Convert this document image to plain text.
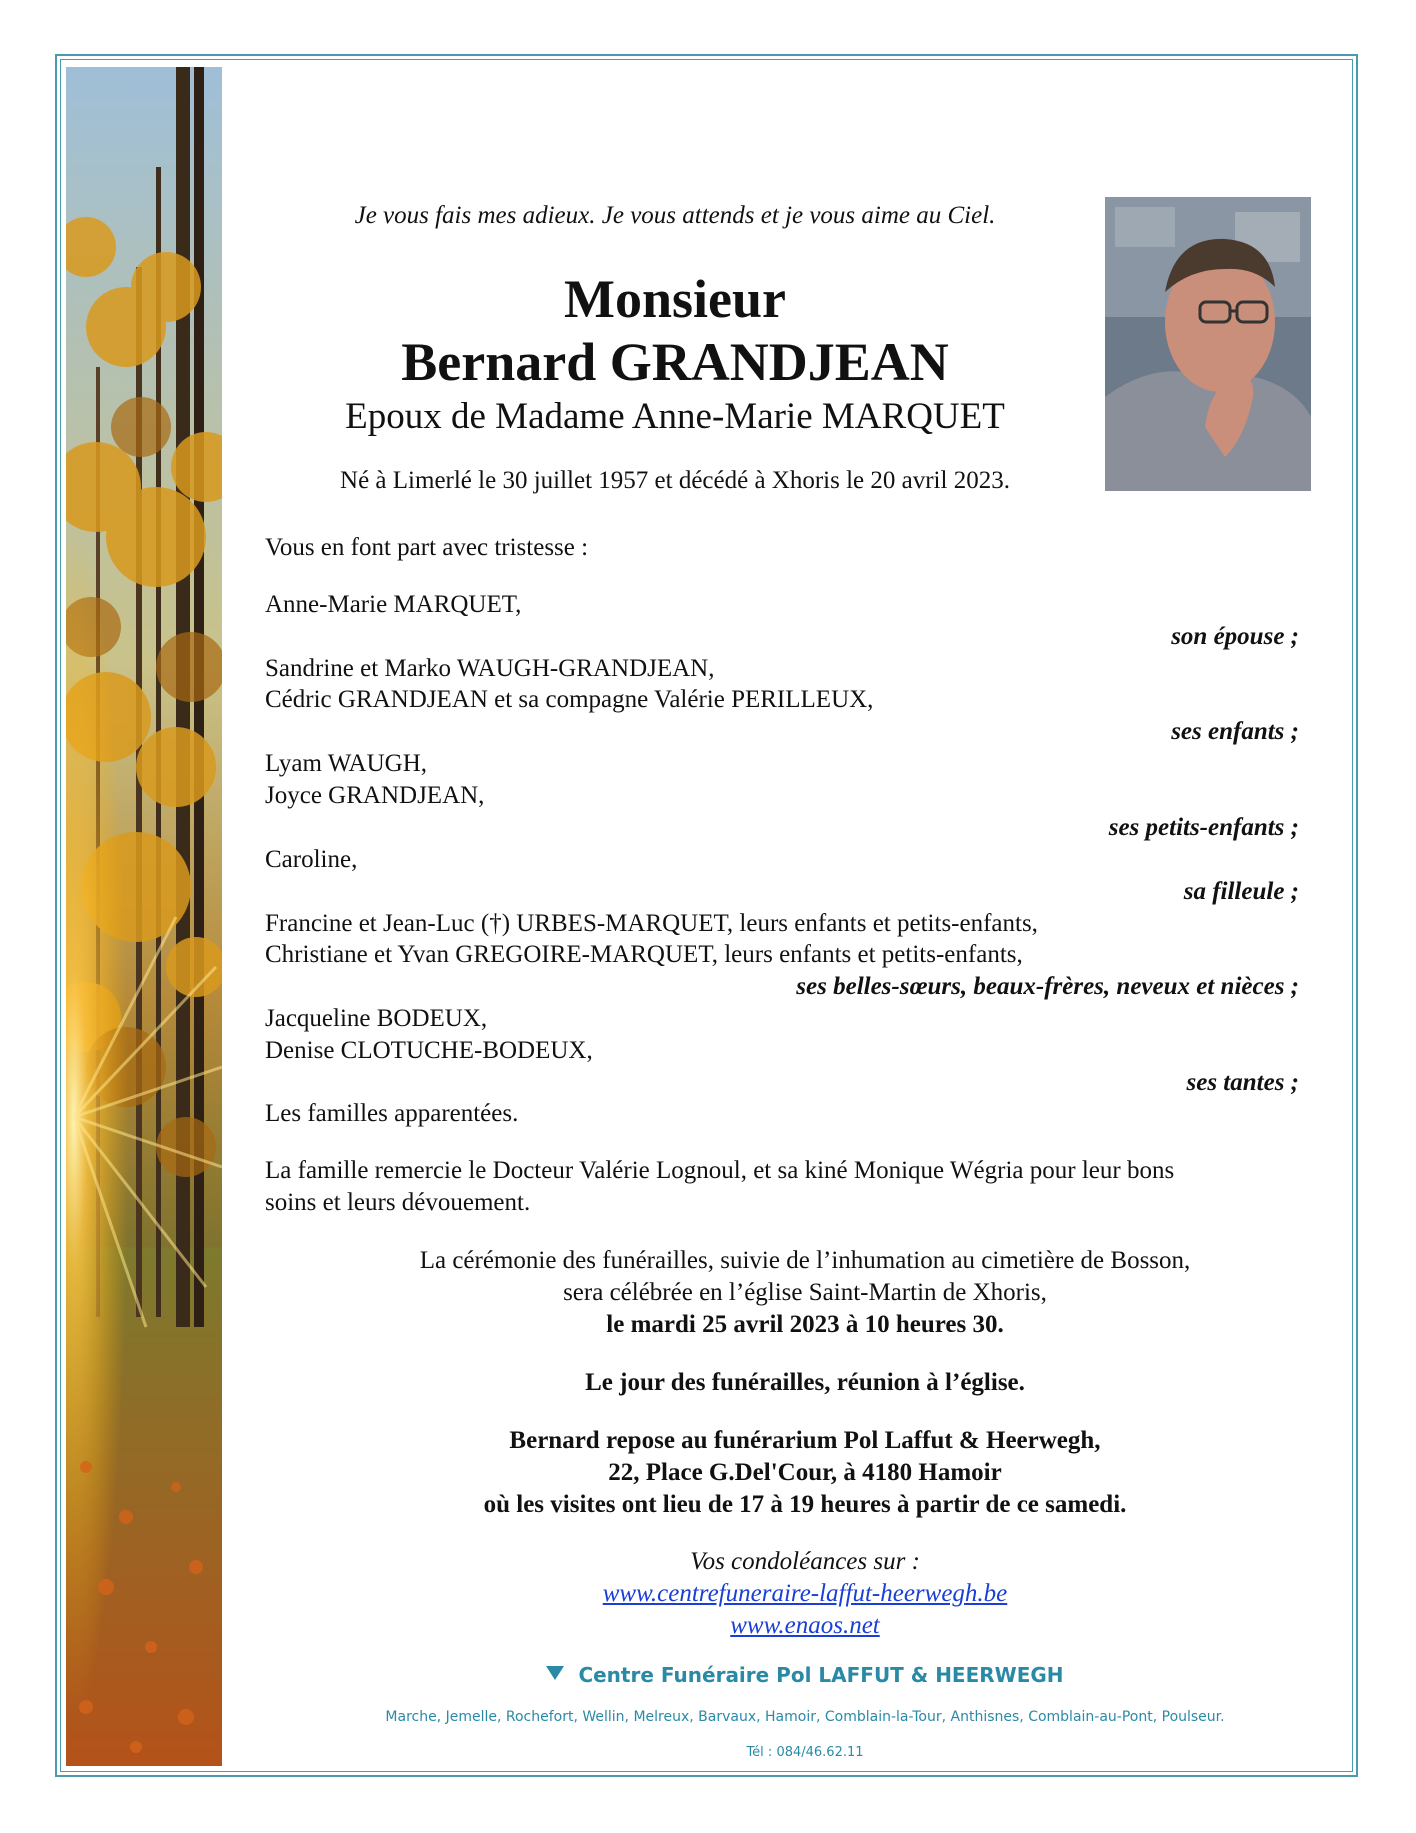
Je vous fais mes adieux. Je vous attends et je vous aime au Ciel.
Monsieur
Bernard GRANDJEAN
Epoux de Madame Anne-Marie MARQUET
Né à Limerlé le 30 juillet 1957 et décédé à Xhoris le 20 avril 2023.
Vous en font part avec tristesse :
Anne-Marie MARQUET,
son épouse ;
Sandrine et Marko WAUGH-GRANDJEAN,
Cédric GRANDJEAN et sa compagne Valérie PERILLEUX,
ses enfants ;
Lyam WAUGH,
Joyce GRANDJEAN,
ses petits-enfants ;
Caroline,
sa filleule ;
Francine et Jean-Luc (†) URBES-MARQUET, leurs enfants et petits-enfants,
Christiane et Yvan GREGOIRE-MARQUET, leurs enfants et petits-enfants,
ses belles-sœurs, beaux-frères, neveux et nièces ;
Jacqueline BODEUX,
Denise CLOTUCHE-BODEUX,
ses tantes ;
Les familles apparentées.
La famille remercie le Docteur Valérie Lognoul, et sa kiné Monique Wégria pour leur bons
soins et leurs dévouement.
La cérémonie des funérailles, suivie de l’inhumation au cimetière de Bosson,
sera célébrée en l’église Saint-Martin de Xhoris,
le mardi 25 avril 2023 à 10 heures 30.
Le jour des funérailles, réunion à l’église.
Bernard repose au funérarium Pol Laffut & Heerwegh,
22, Place G.Del'Cour, à 4180 Hamoir
où les visites ont lieu de 17 à 19 heures à partir de ce samedi.
Vos condoléances sur :
www.centrefuneraire-laffut-heerwegh.be
www.enaos.net
Centre Funéraire Pol LAFFUT & HEERWEGH
Marche, Jemelle, Rochefort, Wellin, Melreux, Barvaux, Hamoir, Comblain-la-Tour, Anthisnes, Comblain-au-Pont, Poulseur.
Tél : 084/46.62.11
